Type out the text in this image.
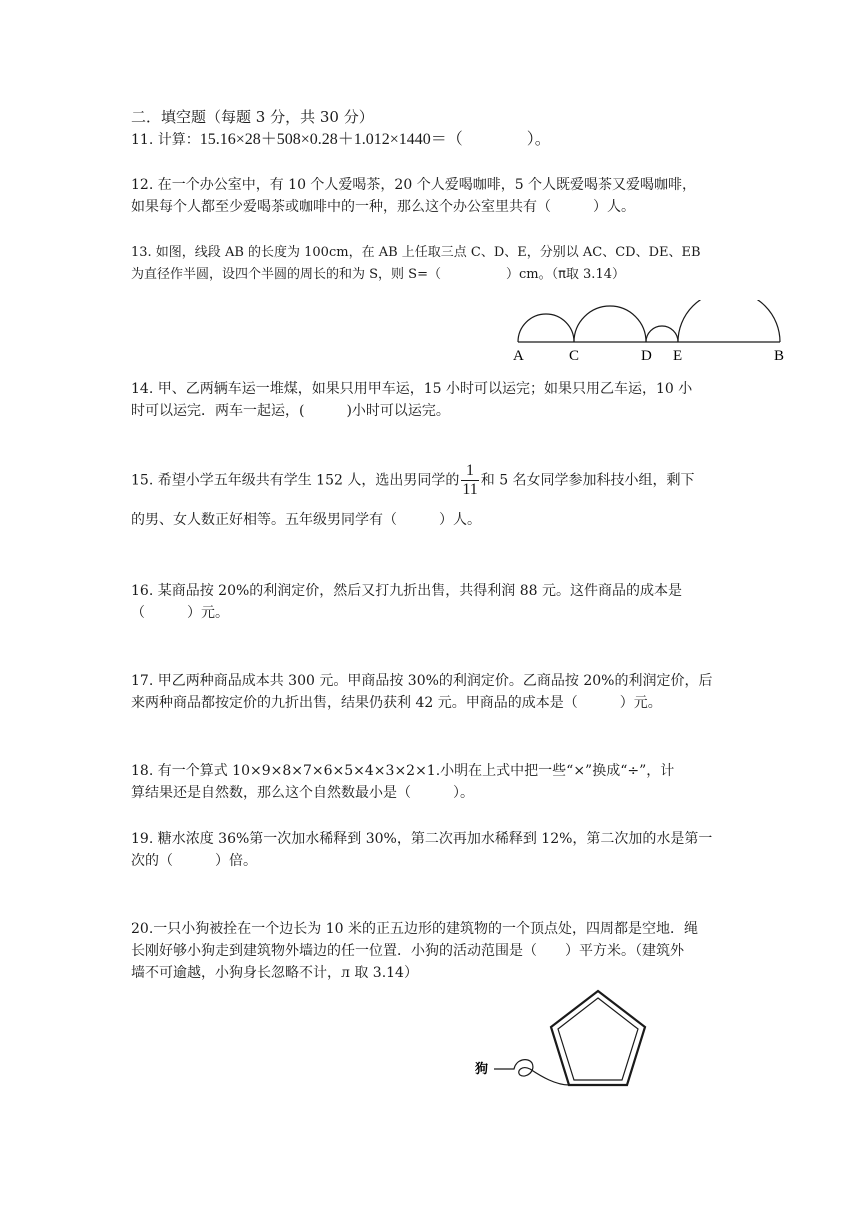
二．填空题（每题 3 分，共 30 分）
11. 计算：15.16×28＋508×0.28＋1.012×1440＝（　　　　）。
12. 在一个办公室中，有 10 个人爱喝茶，20 个人爱喝咖啡，5 个人既爱喝茶又爱喝咖啡，
如果每个人都至少爱喝茶或咖啡中的一种，那么这个办公室里共有（　　　）人。
13. 如图，线段 AB 的长度为 100cm，在 AB 上任取三点 C、D、E，分别以 AC、CD、DE、EB
为直径作半圆，设四个半圆的周长的和为 S，则 S=（　　　　　）cm。（π取 3.14）
A	C	D E	B
14. 甲、乙两辆车运一堆煤，如果只用甲车运，15 小时可以运完；如果只用乙车运，10 小
时可以运完．两车一起运，(　　　)小时可以运完。
15. 希望小学五年级共有学生 152 人，选出男同学的 $\frac{1}{11}$ 和 5 名女同学参加科技小组，剩下
的男、女人数正好相等。五年级男同学有（　　　）人。
16. 某商品按 20%的利润定价，然后又打九折出售，共得利润 88 元。这件商品的成本是
（　　　）元。
17. 甲乙两种商品成本共 300 元。甲商品按 30%的利润定价。乙商品按 20%的利润定价，后
来两种商品都按定价的九折出售，结果仍获利 42 元。甲商品的成本是（　　　）元。
18. 有一个算式 10×9×8×7×6×5×4×3×2×1.小明在上式中把一些“×”换成“÷”，计
算结果还是自然数，那么这个自然数最小是（　　　）。
19. 糖水浓度 36%第一次加水稀释到 30%，第二次再加水稀释到 12%，第二次加的水是第一
次的（　　　）倍。
20.一只小狗被拴在一个边长为 10 米的正五边形的建筑物的一个顶点处，四周都是空地．绳
长刚好够小狗走到建筑物外墙边的任一位置．小狗的活动范围是（　　）平方米。（建筑外
墙不可逾越，小狗身长忽略不计，л 取 3.14）
狗
